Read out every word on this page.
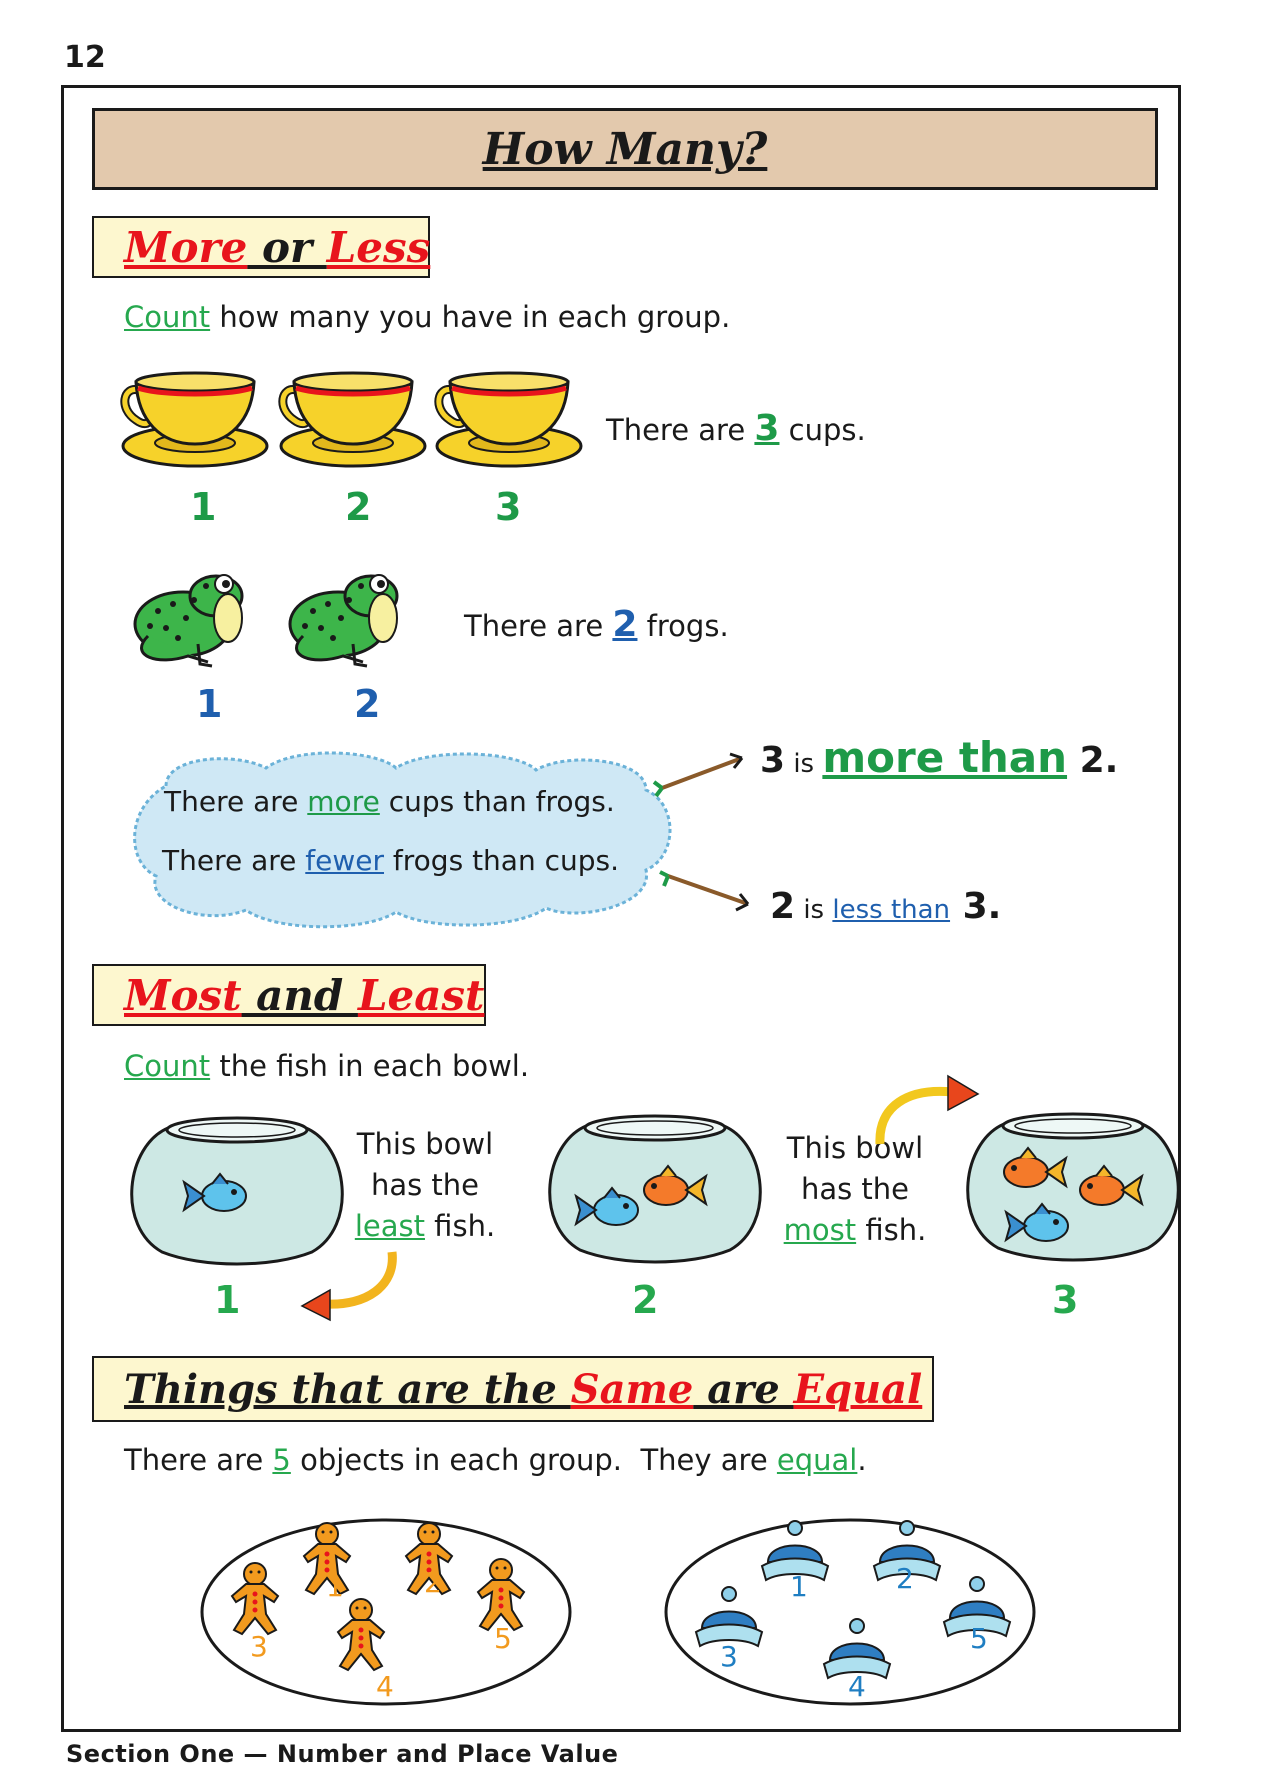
12
How Many?
More or Less
Count how many you have in each group.
1	2	3
There are 3 cups.
1	2
There are 2 frogs.
There are more cups than frogs.
There are fewer frogs than cups.
3 is more than 2.
2 is less than 3.
Most and Least
Count the fish in each bowl.
1	2	3
This bowl
has the
least fish.
This bowl
has the
most fish.
Things that are the Same are Equal
There are 5 objects in each group.  They are equal.
1	2
3
4
5
1	2
3
4
5
Section One — Number and Place Value
